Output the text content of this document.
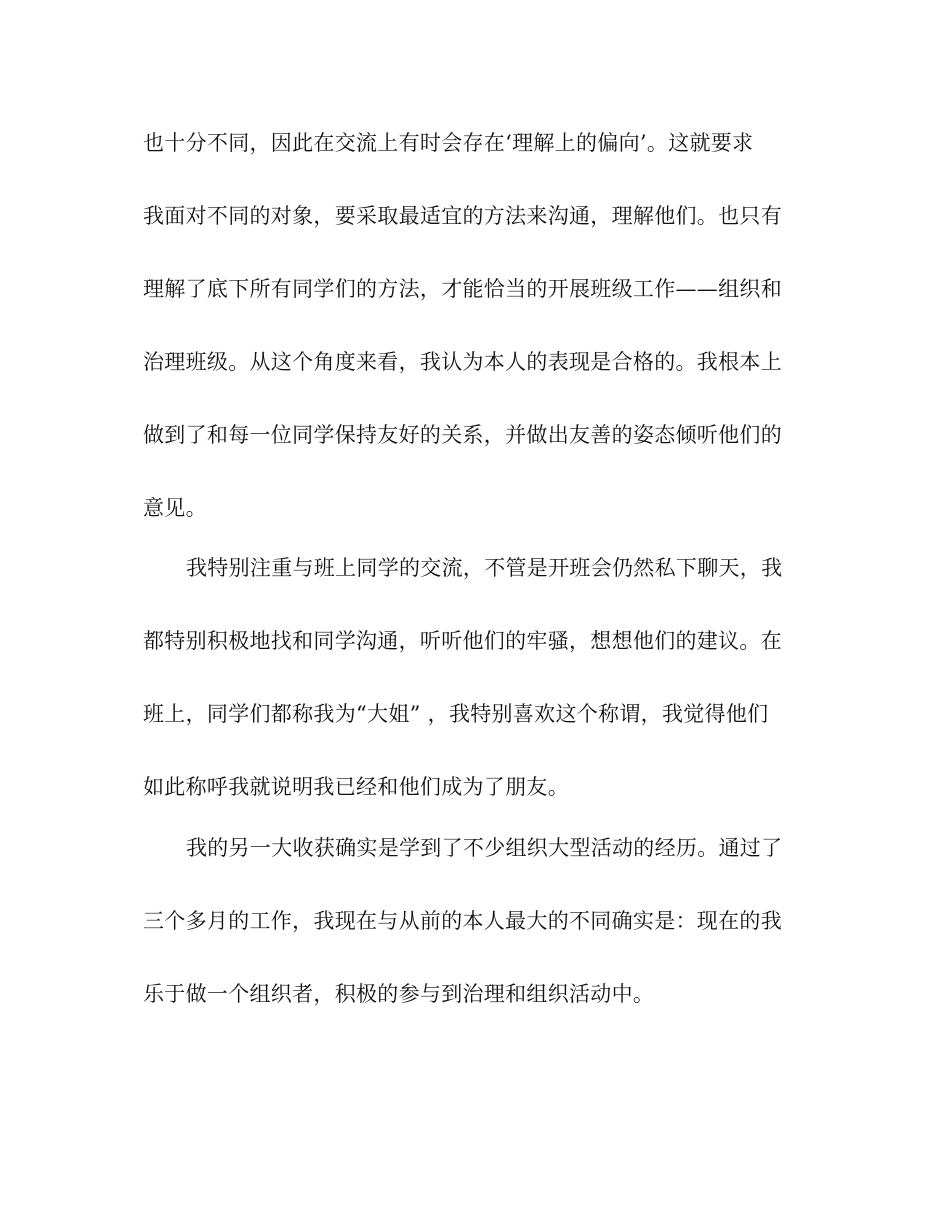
也十分不同，因此在交流上有时会存在‘理解上的偏向’。这就要求
我面对不同的对象，要采取最适宜的方法来沟通，理解他们。也只有
理解了底下所有同学们的方法，才能恰当的开展班级工作——组织和
治理班级。从这个角度来看，我认为本人的表现是合格的。我根本上
做到了和每一位同学保持友好的关系，并做出友善的姿态倾听他们的
意见。
我特别注重与班上同学的交流，不管是开班会仍然私下聊天，我
都特别积极地找和同学沟通，听听他们的牢骚，想想他们的建议。在
班上，同学们都称我为“大姐” ，我特别喜欢这个称谓，我觉得他们
如此称呼我就说明我已经和他们成为了朋友。
我的另一大收获确实是学到了不少组织大型活动的经历。通过了
三个多月的工作，我现在与从前的本人最大的不同确实是：现在的我
乐于做一个组织者，积极的参与到治理和组织活动中。
